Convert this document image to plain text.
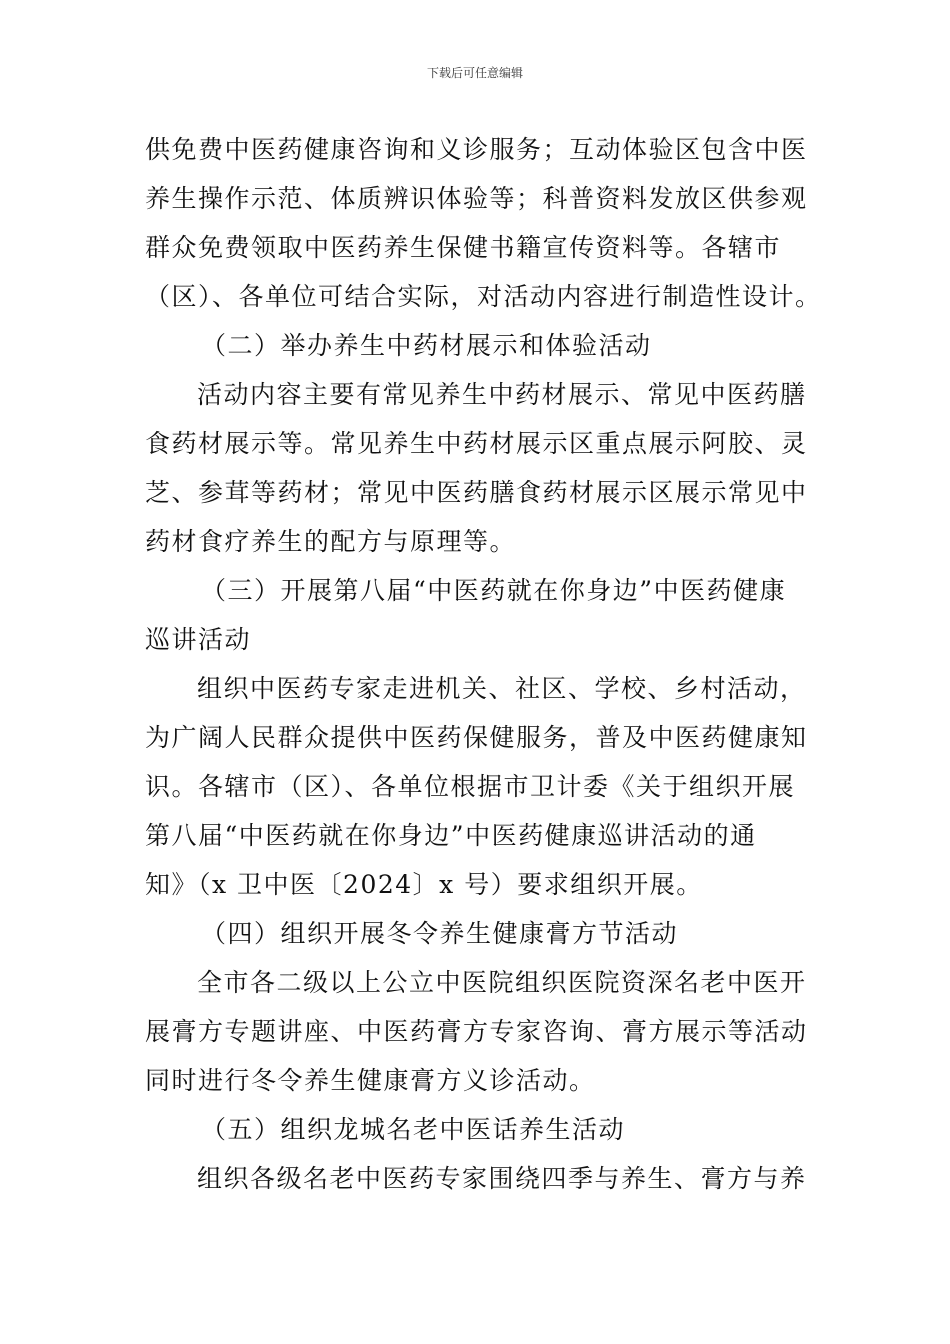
下载后可任意编辑
供免费中医药健康咨询和义诊服务；互动体验区包含中医
养生操作示范、体质辨识体验等；科普资料发放区供参观
群众免费领取中医药养生保健书籍宣传资料等。各辖市
（区）、各单位可结合实际，对活动内容进行制造性设计。
（二）举办养生中药材展示和体验活动
活动内容主要有常见养生中药材展示、常见中医药膳
食药材展示等。常见养生中药材展示区重点展示阿胶、灵
芝、参茸等药材；常见中医药膳食药材展示区展示常见中
药材食疗养生的配方与原理等。
（三）开展第八届“中医药就在你身边”中医药健康
巡讲活动
组织中医药专家走进机关、社区、学校、乡村活动，
为广阔人民群众提供中医药保健服务，普及中医药健康知
识。各辖市（区）、各单位根据市卫计委《关于组织开展
第八届“中医药就在你身边”中医药健康巡讲活动的通
知》（x 卫中医〔2024〕x 号）要求组织开展。
（四）组织开展冬令养生健康膏方节活动
全市各二级以上公立中医院组织医院资深名老中医开
展膏方专题讲座、中医药膏方专家咨询、膏方展示等活动
同时进行冬令养生健康膏方义诊活动。
（五）组织龙城名老中医话养生活动
组织各级名老中医药专家围绕四季与养生、膏方与养
